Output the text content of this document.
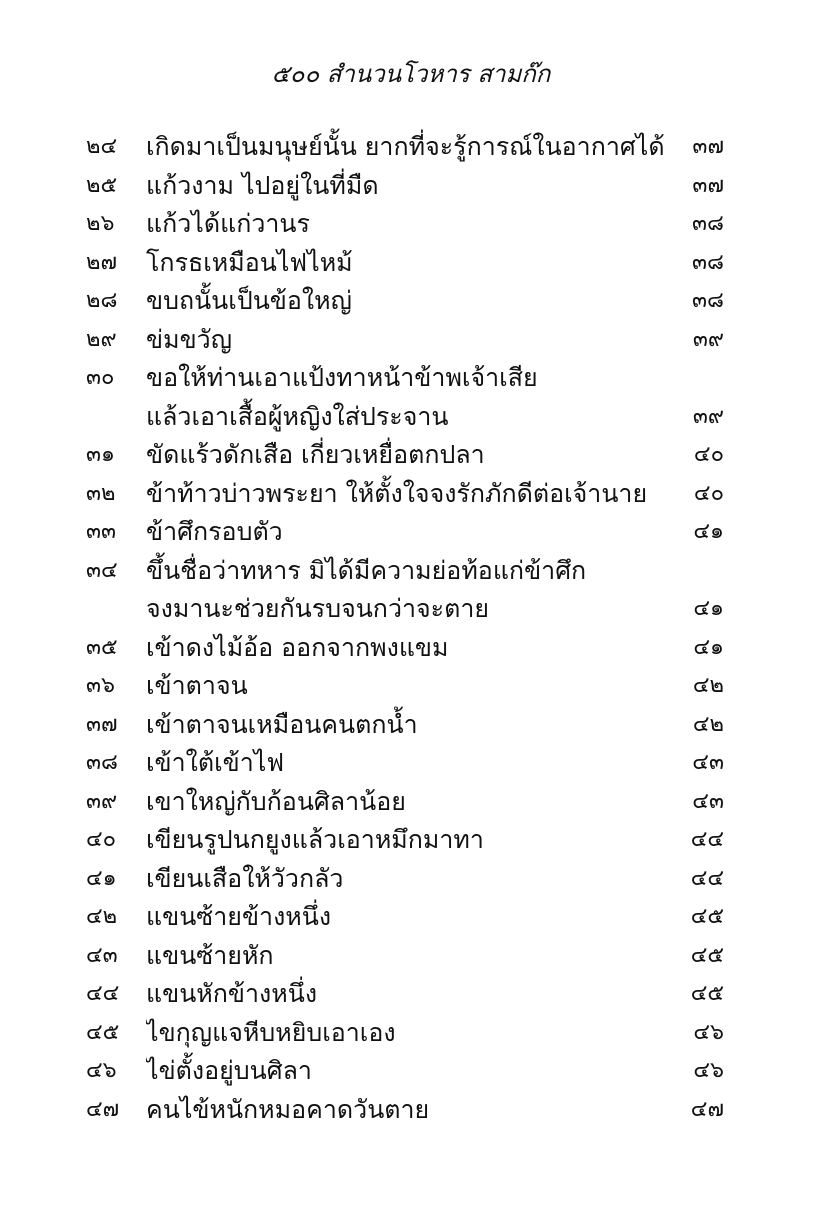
๕๐๐ สำนวนโวหาร สามก๊ก
๒๔	เกิดมาเป็นมนุษย์นั้น ยากที่จะรู้การณ์ในอากาศได้	๓๗
๒๕	แก้วงาม ไปอยู่ในที่มืด	๓๗
๒๖	แก้วได้แก่วานร	๓๘
๒๗	โกรธเหมือนไฟไหม้	๓๘
๒๘	ขบถนั้นเป็นข้อใหญ่	๓๘
๒๙	ข่มขวัญ	๓๙
๓๐	ขอให้ท่านเอาแป้งทาหน้าข้าพเจ้าเสีย
แล้วเอาเสื้อผู้หญิงใส่ประจาน	๓๙
๓๑	ขัดแร้วดักเสือ เกี่ยวเหยื่อตกปลา	๔๐
๓๒	ข้าท้าวบ่าวพระยา ให้ตั้งใจจงรักภักดีต่อเจ้านาย	๔๐
๓๓	ข้าศึกรอบตัว	๔๑
๓๔	ขึ้นชื่อว่าทหาร มิได้มีความย่อท้อแก่ข้าศึก
จงมานะช่วยกันรบจนกว่าจะตาย	๔๑
๓๕	เข้าดงไม้อ้อ ออกจากพงแขม	๔๑
๓๖	เข้าตาจน	๔๒
๓๗	เข้าตาจนเหมือนคนตกน้ำ	๔๒
๓๘	เข้าใต้เข้าไฟ	๔๓
๓๙	เขาใหญ่กับก้อนศิลาน้อย	๔๓
๔๐	เขียนรูปนกยูงแล้วเอาหมึกมาทา	๔๔
๔๑	เขียนเสือให้วัวกลัว	๔๔
๔๒	แขนซ้ายข้างหนึ่ง	๔๕
๔๓	แขนซ้ายหัก	๔๕
๔๔	แขนหักข้างหนึ่ง	๔๕
๔๕	ไขกุญแจหีบหยิบเอาเอง	๔๖
๔๖	ไข่ตั้งอยู่บนศิลา	๔๖
๔๗	คนไข้หนักหมอคาดวันตาย	๔๗
